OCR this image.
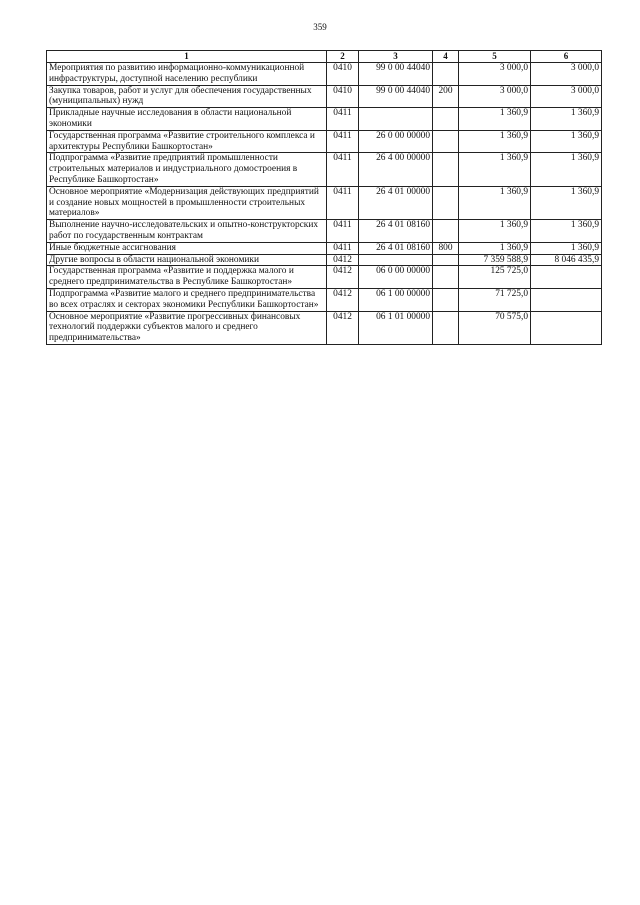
359
1	2	3	4	5	6
Мероприятия по развитию информационно-коммуникационной инфраструктуры, доступной населению республики	0410	99 0 00 44040		3 000,0	3 000,0
Закупка товаров, работ и услуг для обеспечения государственных (муниципальных) нужд	0410	99 0 00 44040	200	3 000,0	3 000,0
Прикладные научные исследования в области национальной экономики	0411			1 360,9	1 360,9
Государственная программа «Развитие строительного комплекса и архитектуры Республики Башкортостан»	0411	26 0 00 00000		1 360,9	1 360,9
Подпрограмма «Развитие предприятий промышленности строительных материалов и индустриального домостроения в Республике Башкортостан»	0411	26 4 00 00000		1 360,9	1 360,9
Основное мероприятие «Модернизация действующих предприятий и создание новых мощностей в промышленности строительных материалов»	0411	26 4 01 00000		1 360,9	1 360,9
Выполнение научно-исследовательских и опытно-конструкторских работ по государственным контрактам	0411	26 4 01 08160		1 360,9	1 360,9
Иные бюджетные ассигнования	0411	26 4 01 08160	800	1 360,9	1 360,9
Другие вопросы в области национальной экономики	0412			7 359 588,9	8 046 435,9
Государственная программа «Развитие и поддержка малого и среднего предпринимательства в Республике Башкортостан»	0412	06 0 00 00000		125 725,0	
Подпрограмма «Развитие малого и среднего предпринимательства во всех отраслях и секторах экономики Республики Башкортостан»	0412	06 1 00 00000		71 725,0	
Основное мероприятие «Развитие прогрессивных финансовых технологий поддержки субъектов малого и среднего предпринимательства»	0412	06 1 01 00000		70 575,0	
